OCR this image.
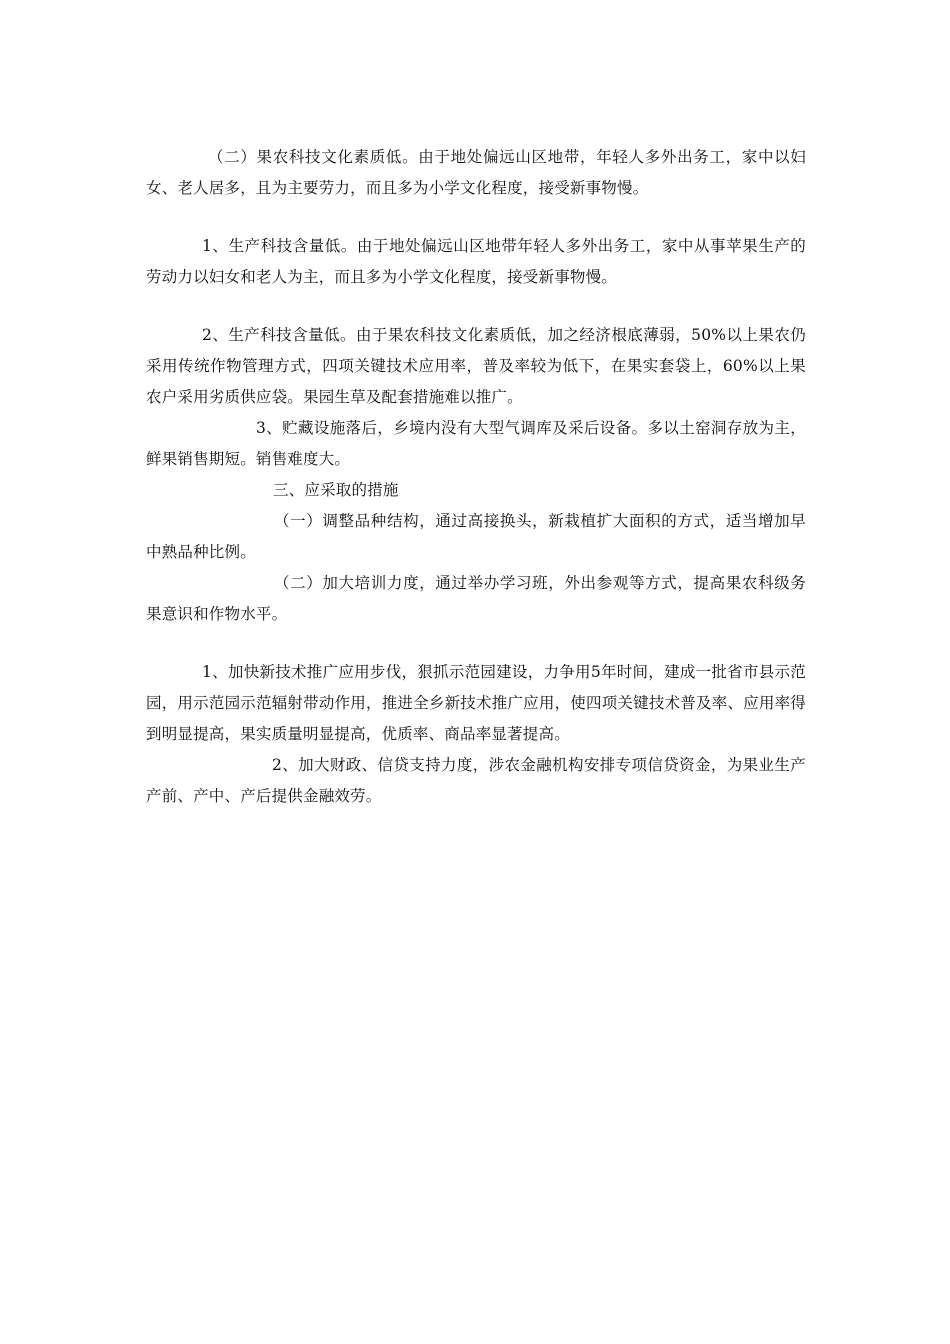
（二）果农科技文化素质低。由于地处偏远山区地带，年轻人多外出务工，家中以妇女、老人居多，且为主要劳力，而且多为小学文化程度，接受新事物慢。

1、生产科技含量低。由于地处偏远山区地带年轻人多外出务工，家中从事苹果生产的劳动力以妇女和老人为主，而且多为小学文化程度，接受新事物慢。

2、生产科技含量低。由于果农科技文化素质低，加之经济根底薄弱，50%以上果农仍采用传统作物管理方式，四项关键技术应用率，普及率较为低下，在果实套袋上，60%以上果农户采用劣质供应袋。果园生草及配套措施难以推广。

3、贮藏设施落后，乡境内没有大型气调库及采后设备。多以土窑洞存放为主，鲜果销售期短。销售难度大。

三、应采取的措施

（一）调整品种结构，通过高接换头，新栽植扩大面积的方式，适当增加早中熟品种比例。

（二）加大培训力度，通过举办学习班，外出参观等方式，提高果农科级务果意识和作物水平。

1、加快新技术推广应用步伐，狠抓示范园建设，力争用5年时间，建成一批省市县示范园，用示范园示范辐射带动作用，推进全乡新技术推广应用，使四项关键技术普及率、应用率得到明显提高，果实质量明显提高，优质率、商品率显著提高。

2、加大财政、信贷支持力度，涉农金融机构安排专项信贷资金，为果业生产产前、产中、产后提供金融效劳。
